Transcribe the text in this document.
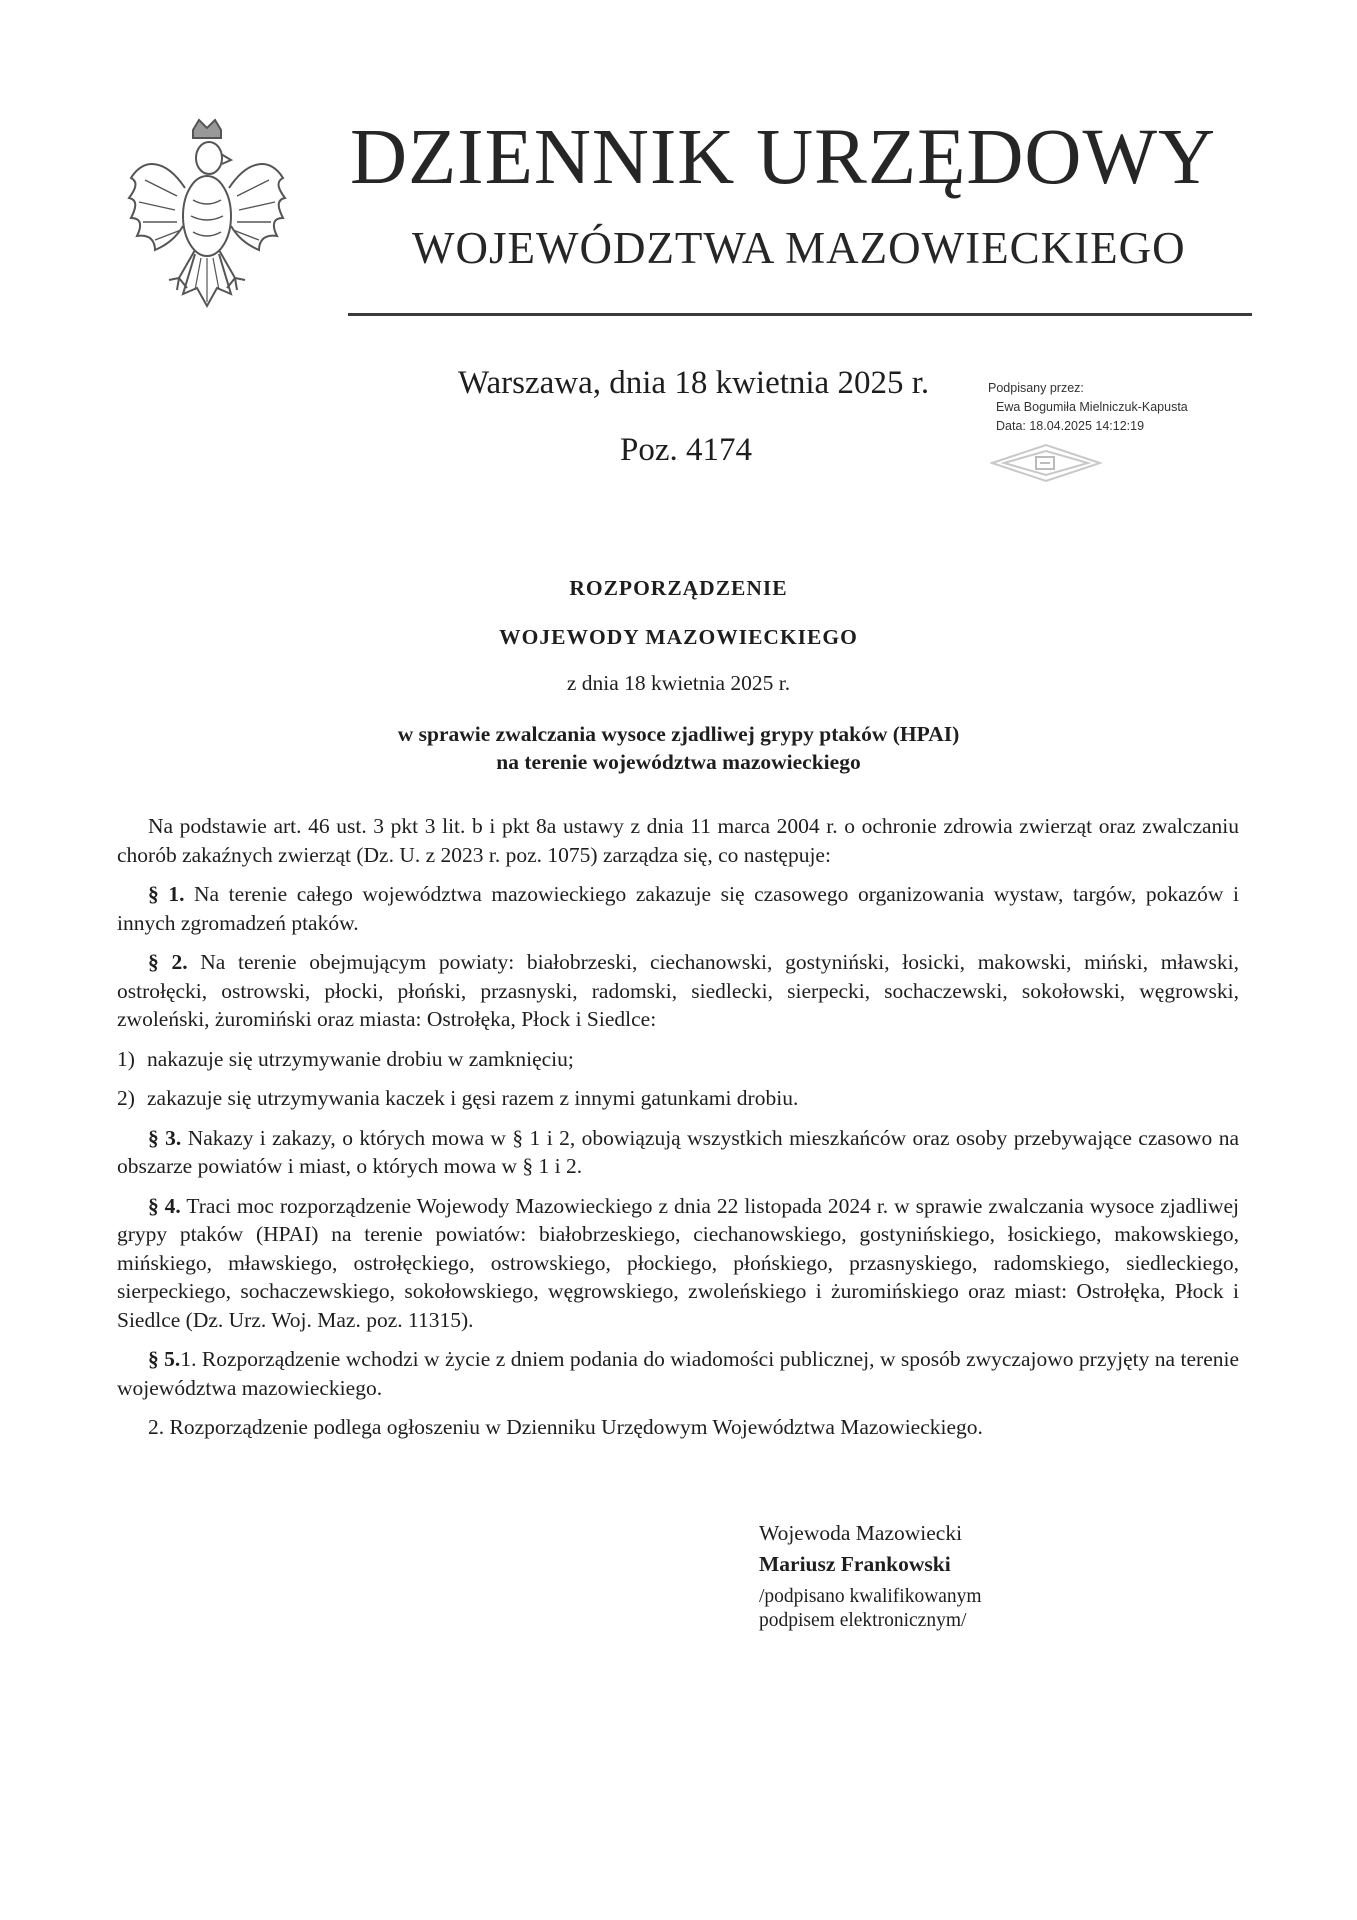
DZIENNIK URZĘDOWY
WOJEWÓDZTWA MAZOWIECKIEGO
Warszawa, dnia 18 kwietnia 2025 r.
Poz. 4174
Podpisany przez:
Ewa Bogumiła Mielniczuk-Kapusta
Data: 18.04.2025 14:12:19
ROZPORZĄDZENIE
WOJEWODY MAZOWIECKIEGO
z dnia 18 kwietnia 2025 r.
w sprawie zwalczania wysoce zjadliwej grypy ptaków (HPAI)
na terenie województwa mazowieckiego

Na podstawie art. 46 ust. 3 pkt 3 lit. b i pkt 8a ustawy z dnia 11 marca 2004 r. o ochronie zdrowia zwierząt oraz zwalczaniu chorób zakaźnych zwierząt (Dz. U. z 2023 r. poz. 1075) zarządza się, co następuje:

§ 1. Na terenie całego województwa mazowieckiego zakazuje się czasowego organizowania wystaw, targów, pokazów i innych zgromadzeń ptaków.

§ 2. Na terenie obejmującym powiaty: białobrzeski, ciechanowski, gostyniński, łosicki, makowski, miński, mławski, ostrołęcki, ostrowski, płocki, płoński, przasnyski, radomski, siedlecki, sierpecki, sochaczewski, sokołowski, węgrowski, zwoleński, żuromiński oraz miasta: Ostrołęka, Płock i Siedlce:

1) nakazuje się utrzymywanie drobiu w zamknięciu;

2) zakazuje się utrzymywania kaczek i gęsi razem z innymi gatunkami drobiu.

§ 3. Nakazy i zakazy, o których mowa w § 1 i 2, obowiązują wszystkich mieszkańców oraz osoby przebywające czasowo na obszarze powiatów i miast, o których mowa w § 1 i 2.

§ 4. Traci moc rozporządzenie Wojewody Mazowieckiego z dnia 22 listopada 2024 r. w sprawie zwalczania wysoce zjadliwej grypy ptaków (HPAI) na terenie powiatów: białobrzeskiego, ciechanowskiego, gostynińskiego, łosickiego, makowskiego, mińskiego, mławskiego, ostrołęckiego, ostrowskiego, płockiego, płońskiego, przasnyskiego, radomskiego, siedleckiego, sierpeckiego, sochaczewskiego, sokołowskiego, węgrowskiego, zwoleńskiego i żuromińskiego oraz miast: Ostrołęka, Płock i Siedlce (Dz. Urz. Woj. Maz. poz. 11315).

§ 5.1. Rozporządzenie wchodzi w życie z dniem podania do wiadomości publicznej, w sposób zwyczajowo przyjęty na terenie województwa mazowieckiego.

2. Rozporządzenie podlega ogłoszeniu w Dzienniku Urzędowym Województwa Mazowieckiego.

Wojewoda Mazowiecki
Mariusz Frankowski
/podpisano kwalifikowanym
podpisem elektronicznym/
